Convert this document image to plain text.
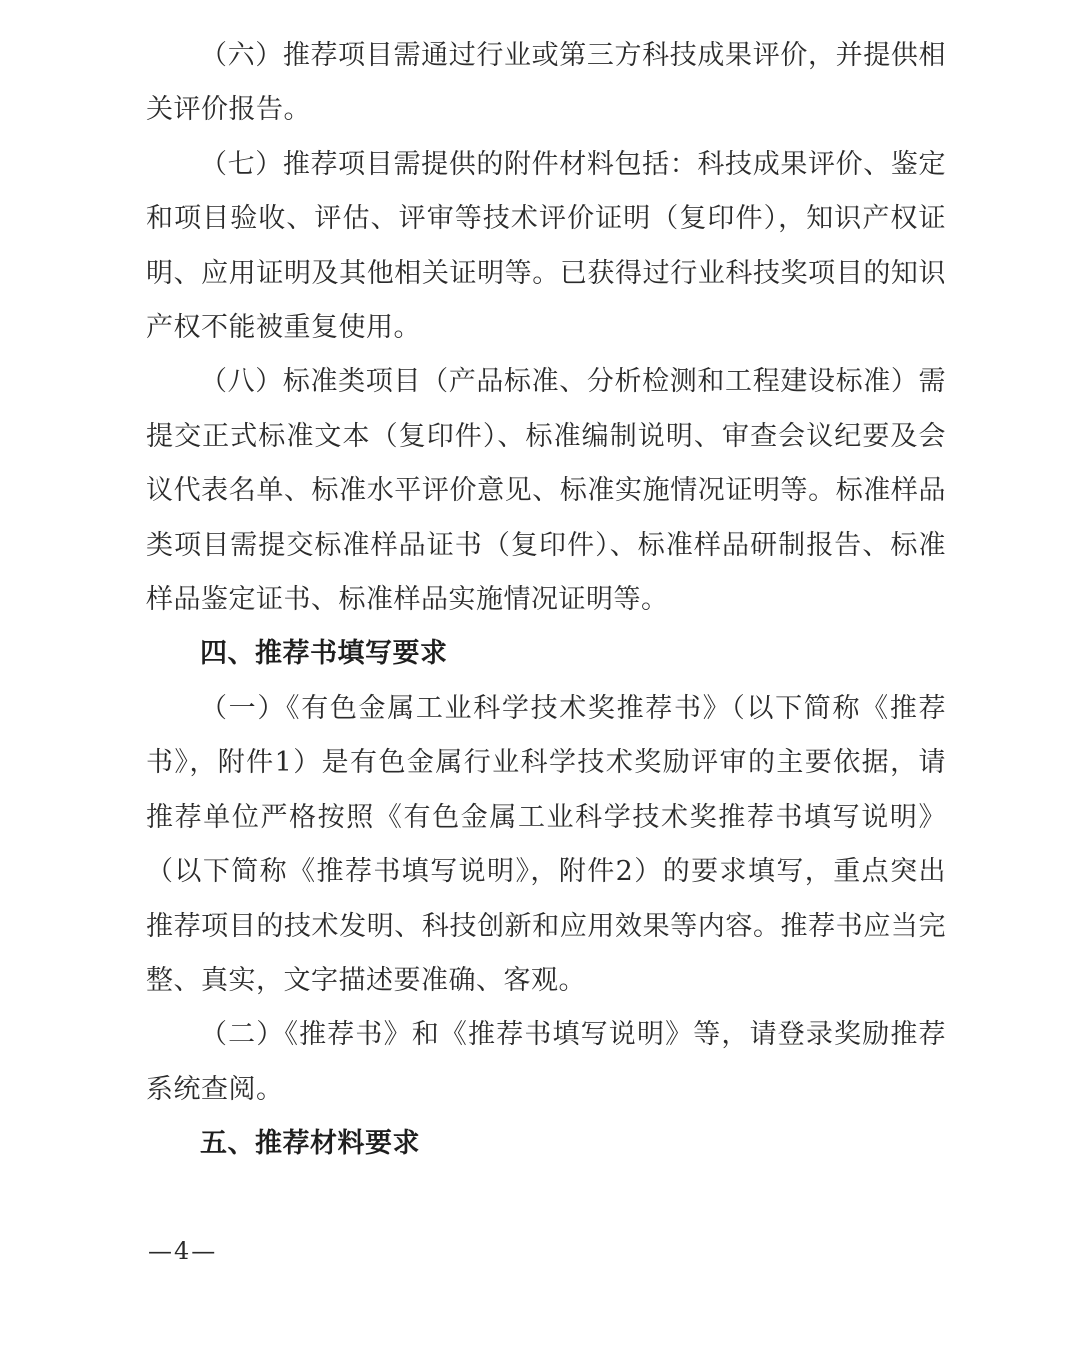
（六）推荐项目需通过行业或第三方科技成果评价，并提供相关评价报告。

（七）推荐项目需提供的附件材料包括：科技成果评价、鉴定和项目验收、评估、评审等技术评价证明（复印件），知识产权证明、应用证明及其他相关证明等。已获得过行业科技奖项目的知识产权不能被重复使用。

（八）标准类项目（产品标准、分析检测和工程建设标准）需提交正式标准文本（复印件）、标准编制说明、审查会议纪要及会议代表名单、标准水平评价意见、标准实施情况证明等。标准样品类项目需提交标准样品证书（复印件）、标准样品研制报告、标准样品鉴定证书、标准样品实施情况证明等。

四、推荐书填写要求

（一）《有色金属工业科学技术奖推荐书》（以下简称《推荐书》，附件1）是有色金属行业科学技术奖励评审的主要依据，请推荐单位严格按照《有色金属工业科学技术奖推荐书填写说明》（以下简称《推荐书填写说明》，附件2）的要求填写，重点突出推荐项目的技术发明、科技创新和应用效果等内容。推荐书应当完整、真实，文字描述要准确、客观。

（二）《推荐书》和《推荐书填写说明》等，请登录奖励推荐系统查阅。

五、推荐材料要求

—4—
